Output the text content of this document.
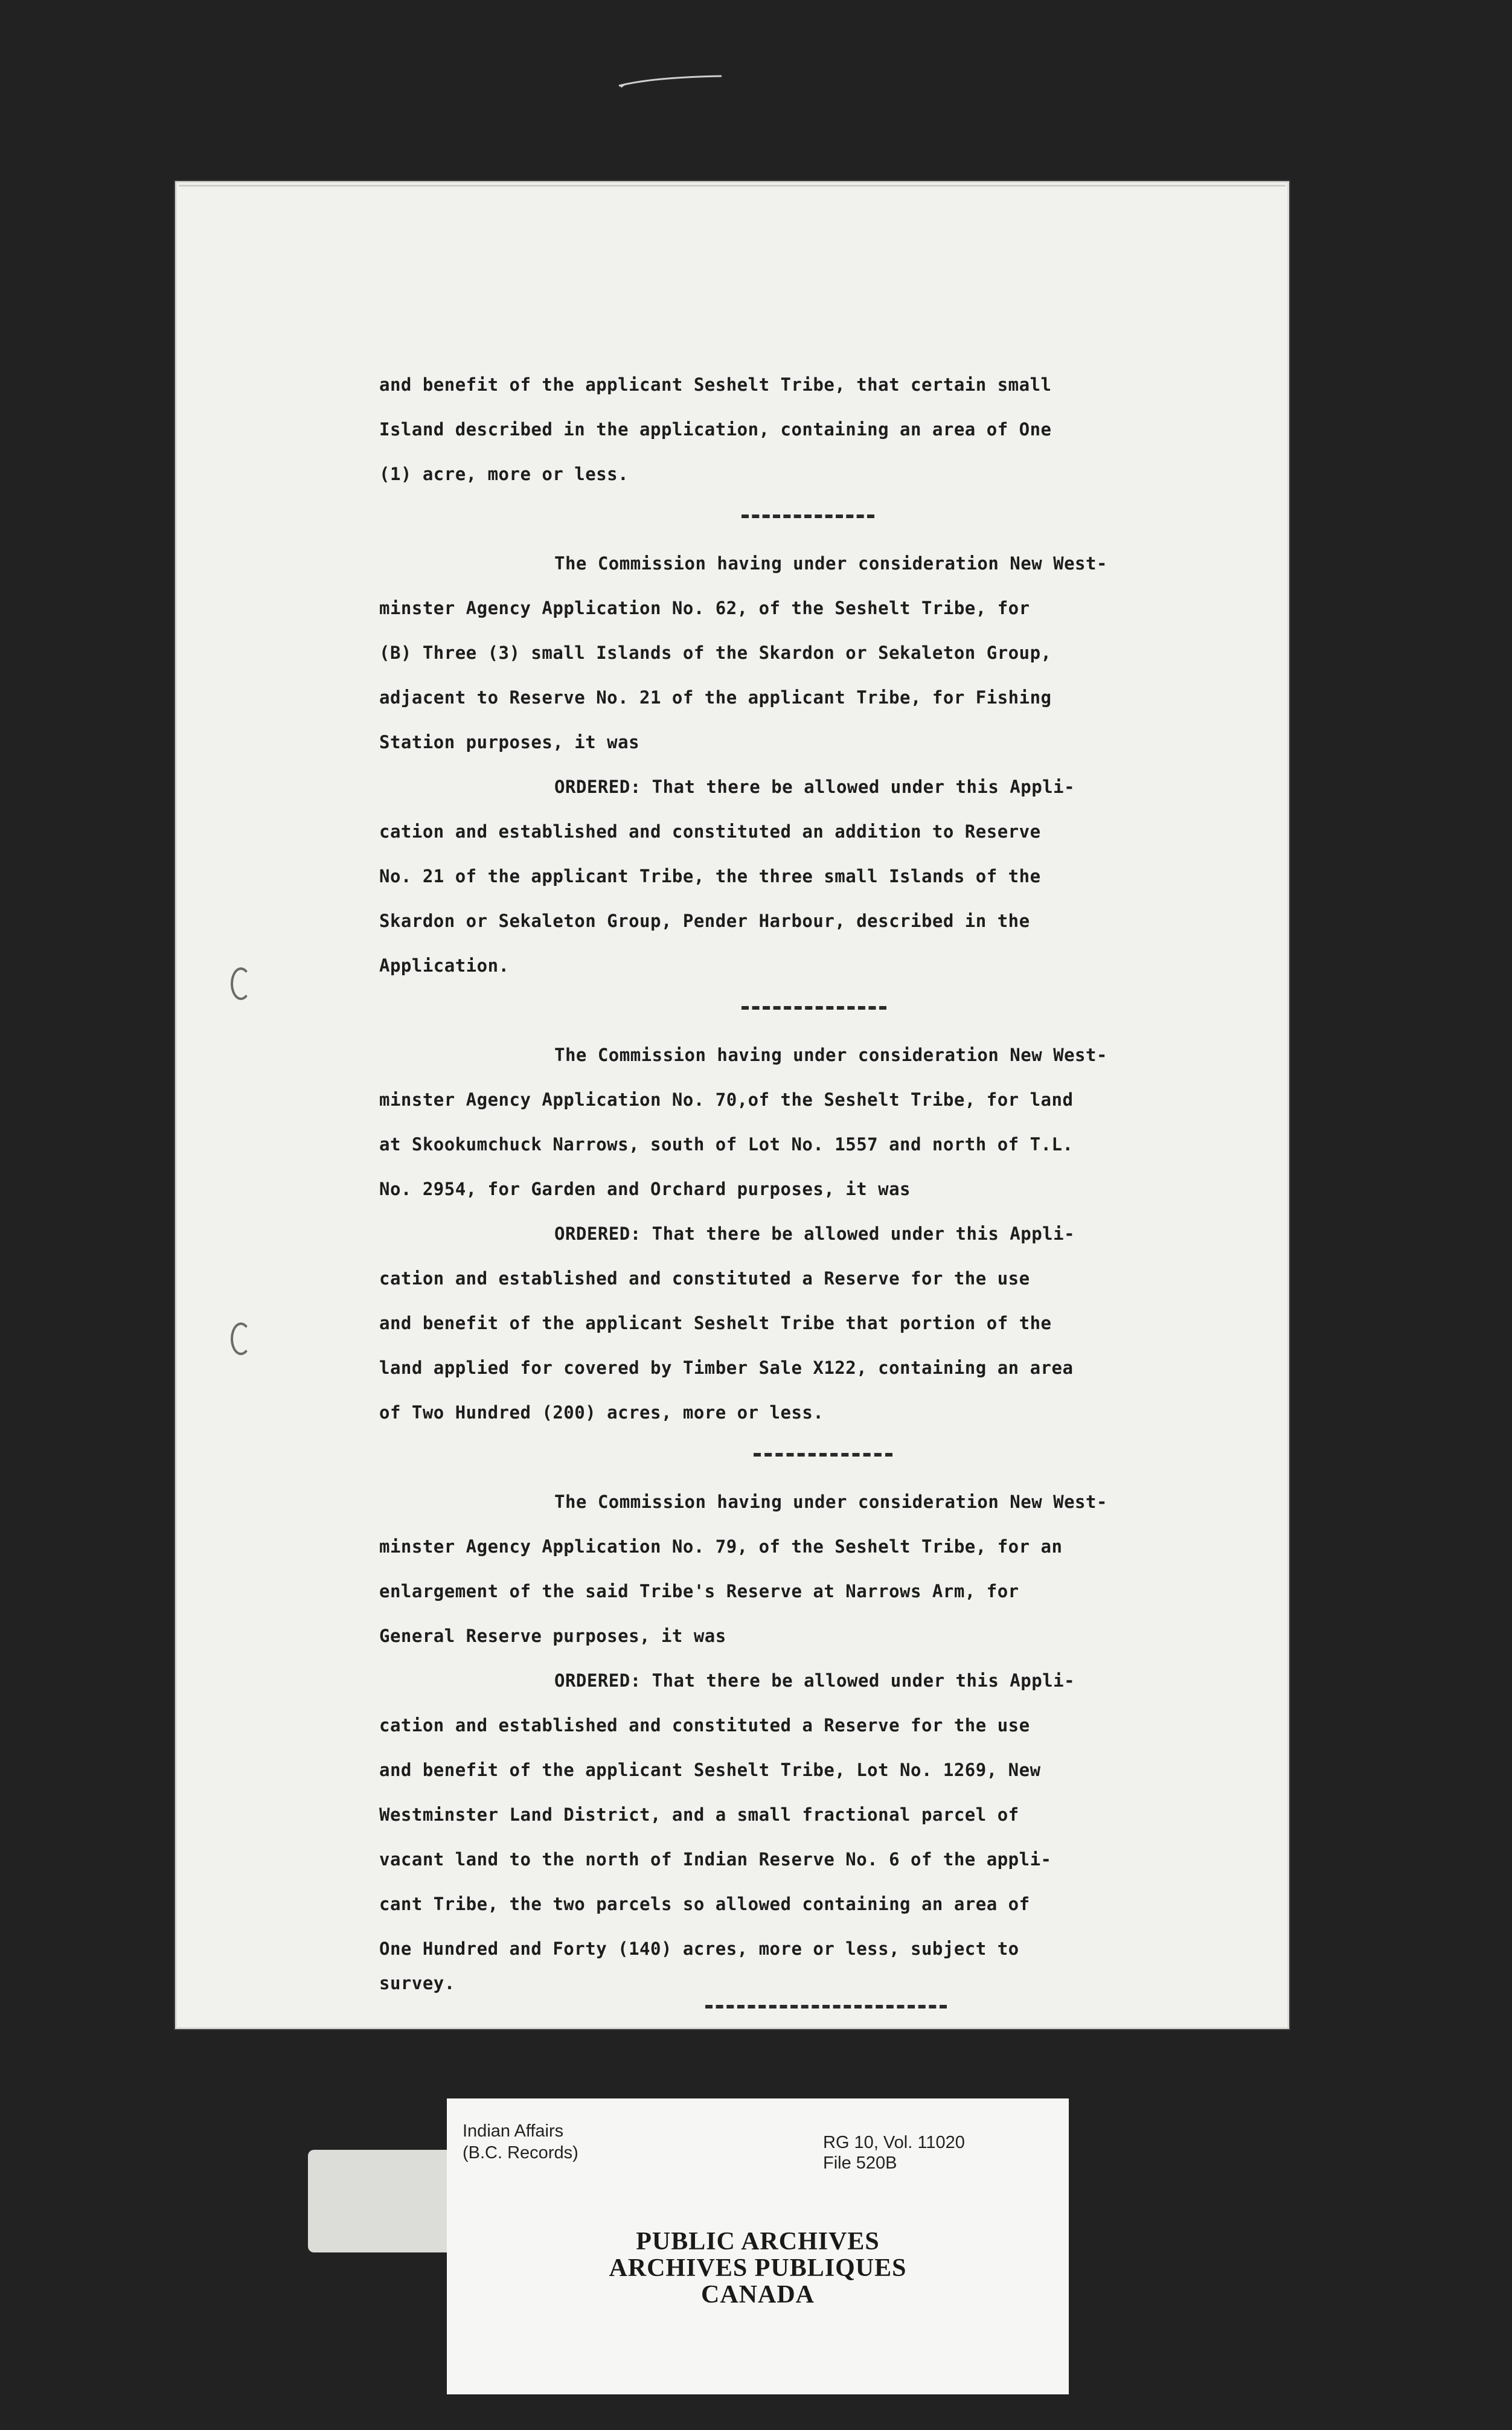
and benefit of the applicant Seshelt Tribe, that certain small
Island described in the application, containing an area of One
(1) acre, more or less.
The Commission having under consideration New West-
minster Agency Application No. 62, of the Seshelt Tribe, for
(B) Three (3) small Islands of the Skardon or Sekaleton Group,
adjacent to Reserve No. 21 of the applicant Tribe, for Fishing
Station purposes, it was
ORDERED: That there be allowed under this Appli-
cation and established and constituted an addition to Reserve
No. 21 of the applicant Tribe, the three small Islands of the
Skardon or Sekaleton Group, Pender Harbour, described in the
Application.
The Commission having under consideration New West-
minster Agency Application No. 70,of the Seshelt Tribe, for land
at Skookumchuck Narrows, south of Lot No. 1557 and north of T.L.
No. 2954, for Garden and Orchard purposes, it was
ORDERED: That there be allowed under this Appli-
cation and established and constituted a Reserve for the use
and benefit of the applicant Seshelt Tribe that portion of the
land applied for covered by Timber Sale X122, containing an area
of Two Hundred (200) acres, more or less.
The Commission having under consideration New West-
minster Agency Application No. 79, of the Seshelt Tribe, for an
enlargement of the said Tribe's Reserve at Narrows Arm, for
General Reserve purposes, it was
ORDERED: That there be allowed under this Appli-
cation and established and constituted a Reserve for the use
and benefit of the applicant Seshelt Tribe, Lot No. 1269, New
Westminster Land District, and a small fractional parcel of
vacant land to the north of Indian Reserve No. 6 of the appli-
cant Tribe, the two parcels so allowed containing an area of
One Hundred and Forty (140) acres, more or less, subject to
survey.
Indian Affairs
(B.C. Records)
RG 10, Vol. 11020
File 520B
PUBLIC ARCHIVES
ARCHIVES PUBLIQUES
CANADA
